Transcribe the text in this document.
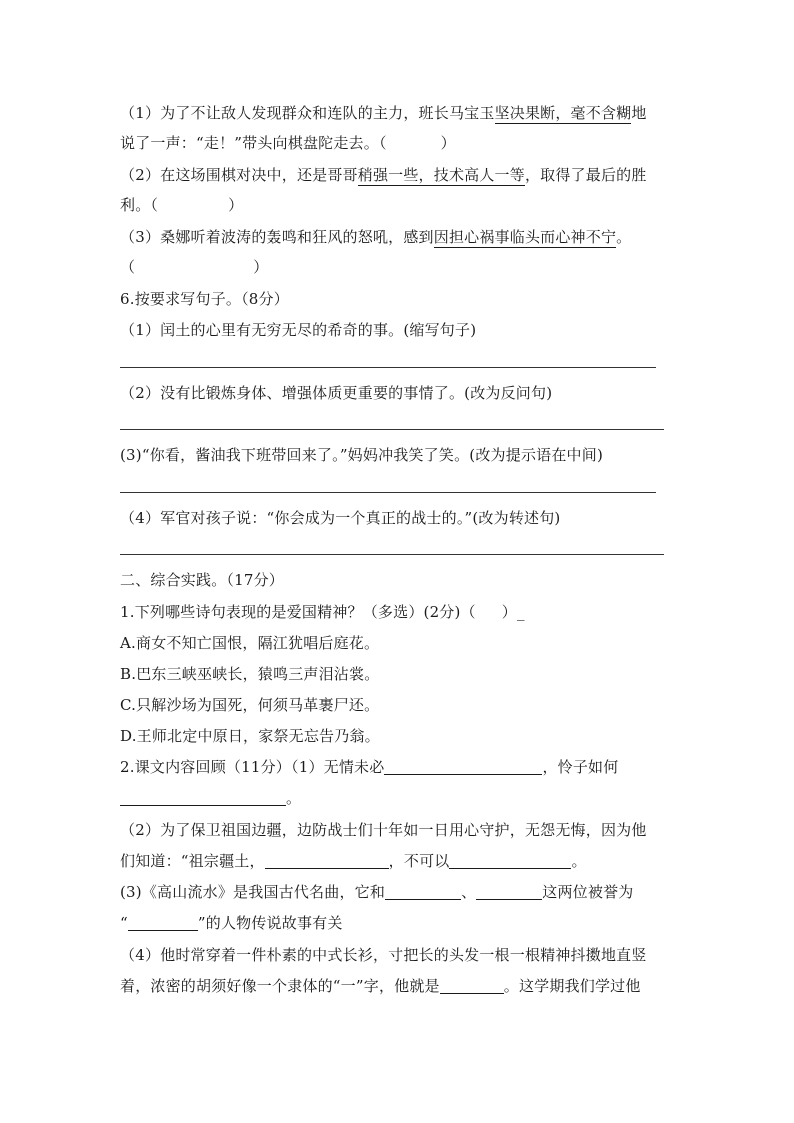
（1）为了不让敌人发现群众和连队的主力，班长马宝玉坚决果断，毫不含糊地
说了一声：“走！”带头向棋盘陀走去。（	）
（2）在这场围棋对决中，还是哥哥稍强一些，技术高人一等，取得了最后的胜
利。（	）
（3）桑娜听着波涛的轰鸣和狂风的怒吼，感到因担心祸事临头而心神不宁。
（	）
6.按要求写句子。（8分）
（1）闰土的心里有无穷无尽的希奇的事。(缩写句子)
（2）没有比锻炼身体、增强体质更重要的事情了。(改为反问句)
(3)“你看，酱油我下班带回来了。”妈妈冲我笑了笑。(改为提示语在中间)
（4）军官对孩子说：“你会成为一个真正的战士的。”(改为转述句)
二、综合实践。（17分）
1.下列哪些诗句表现的是爱国精神？（多选）(2分)（ ）_
A.商女不知亡国恨，隔江犹唱后庭花。
B.巴东三峡巫峡长，猿鸣三声泪沾裳。
C.只解沙场为国死，何须马革裹尸还。
D.王师北定中原日，家祭无忘告乃翁。
2.课文内容回顾（11分）（1）无情未必	，怜子如何
。
（2）为了保卫祖国边疆，边防战士们十年如一日用心守护，无怨无悔，因为他
们知道：“祖宗疆土，	，不可以	。
(3)《高山流水》是我国古代名曲，它和	、	这两位被誉为
“	”的人物传说故事有关
（4）他时常穿着一件朴素的中式长衫，寸把长的头发一根一根精神抖擞地直竖
着，浓密的胡须好像一个隶体的“一”字，他就是	。这学期我们学过他
